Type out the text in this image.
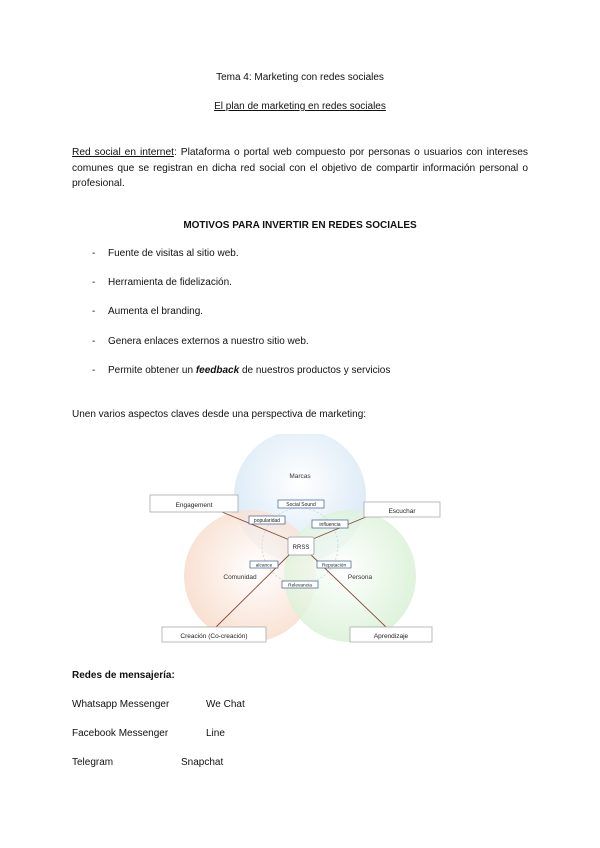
Tema 4: Marketing con redes sociales
El plan de marketing en redes sociales
Red social en internet: Plataforma o portal web compuesto por personas o usuarios con intereses comunes que se registran en dicha red social con el objetivo de compartir información personal o profesional.
MOTIVOS PARA INVERTIR EN REDES SOCIALES
- Fuente de visitas al sitio web.
- Herramienta de fidelización.
- Aumenta el branding.
- Genera enlaces externos a nuestro sitio web.
- Permite obtener un feedback de nuestros productos y servicios
Unen varios aspectos claves desde una perspectiva de marketing:
Marcas
Comunidad	Persona
Social Sound
popularidad
influencia
alcance	Reputación
Relevancia
RRSS
Engagement
Escuchar
Creación (Co-creación)	Aprendizaje
Redes de mensajería:
Whatsapp Messenger	We Chat
Facebook Messenger	Line
Telegram	Snapchat
